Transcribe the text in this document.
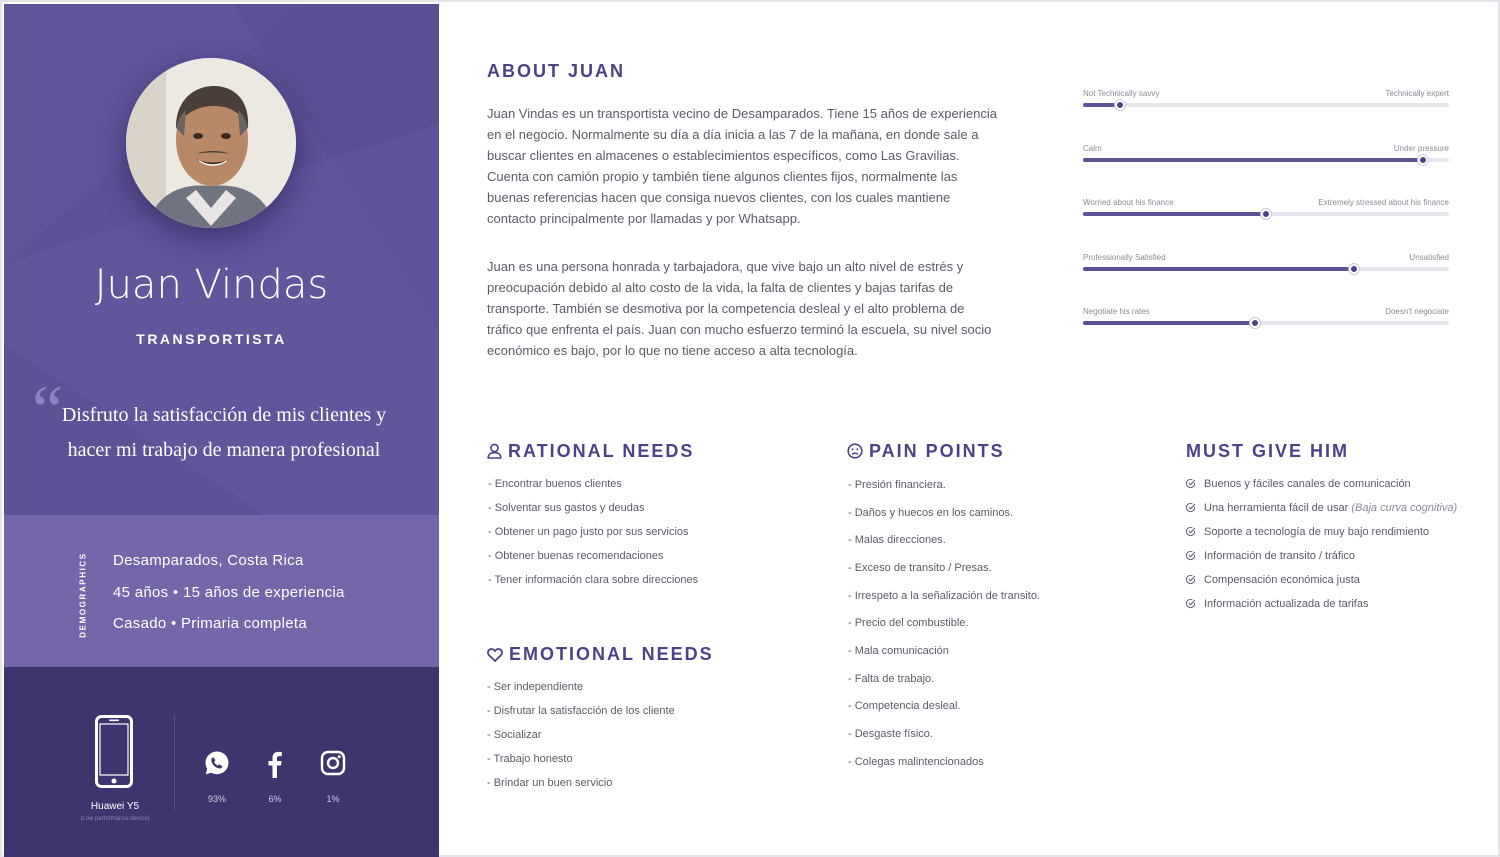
Juan Vindas
TRANSPORTISTA
“
Disfruto la satisfacción de mis clientes y hacer mi trabajo de manera profesional
DEMOGRAPHICS Desamparados, Costa Rica
45 años • 15 años de experiencia
Casado • Primaria completa
Huawei Y5
(Low performance device)
93%	6%	1%
ABOUT JUAN
Juan Vindas es un transportista vecino de Desamparados. Tiene 15 años de experiencia en el negocio. Normalmente su día a día inicia a las 7 de la mañana, en donde sale a buscar clientes en almacenes o establecimientos específicos, como Las Gravilias. Cuenta con camión propio y también tiene algunos clientes fijos, normalmente las buenas referencias hacen que consiga nuevos clientes, con los cuales mantiene contacto principalmente por llamadas y por Whatsapp.
Juan es una persona honrada y tarbajadora, que vive bajo un alto nivel de estrés y preocupación debido al alto costo de la vida, la falta de clientes y bajas tarifas de transporte. También se desmotiva por la competencia desleal y el alto problema de tráfico que enfrenta el país. Juan con mucho esfuerzo terminó la escuela, su nivel socio económico es bajo, por lo que no tiene acceso a alta tecnología.
Not Technically savvy	Technically expert
Calm	Under pressure
Worried about his finance	Extremely stressed about his finance
Professionally Satisfied	Unsatisfied
Negotiate his rates	Doesn't negociate
RATIONAL NEEDS
- Encontrar buenos clientes
- Solventar sus gastos y deudas
- Obtener un pago justo por sus servicios
- Obtener buenas recomendaciones
- Tener información clara sobre direcciones
EMOTIONAL NEEDS
- Ser independiente
- Disfrutar la satisfacción de los cliente
- Socializar
- Trabajo honesto
- Brindar un buen servicio
PAIN POINTS
- Presión financiera.
- Daños y huecos en los caminos.
- Malas direcciones.
- Exceso de transito / Presas.
- Irrespeto a la señalización de transito.
- Precio del combustible.
- Mala comunicación
- Falta de trabajo.
- Competencia desleal.
- Desgaste físico.
- Colegas malintencionados
MUST GIVE HIM
Buenos y fáciles canales de comunicación
Una herramienta fácil de usar (Baja curva cognitiva)
Soporte a tecnología de muy bajo rendimiento
Información de transito / tráfico
Compensación económica justa
Información actualizada de tarifas
